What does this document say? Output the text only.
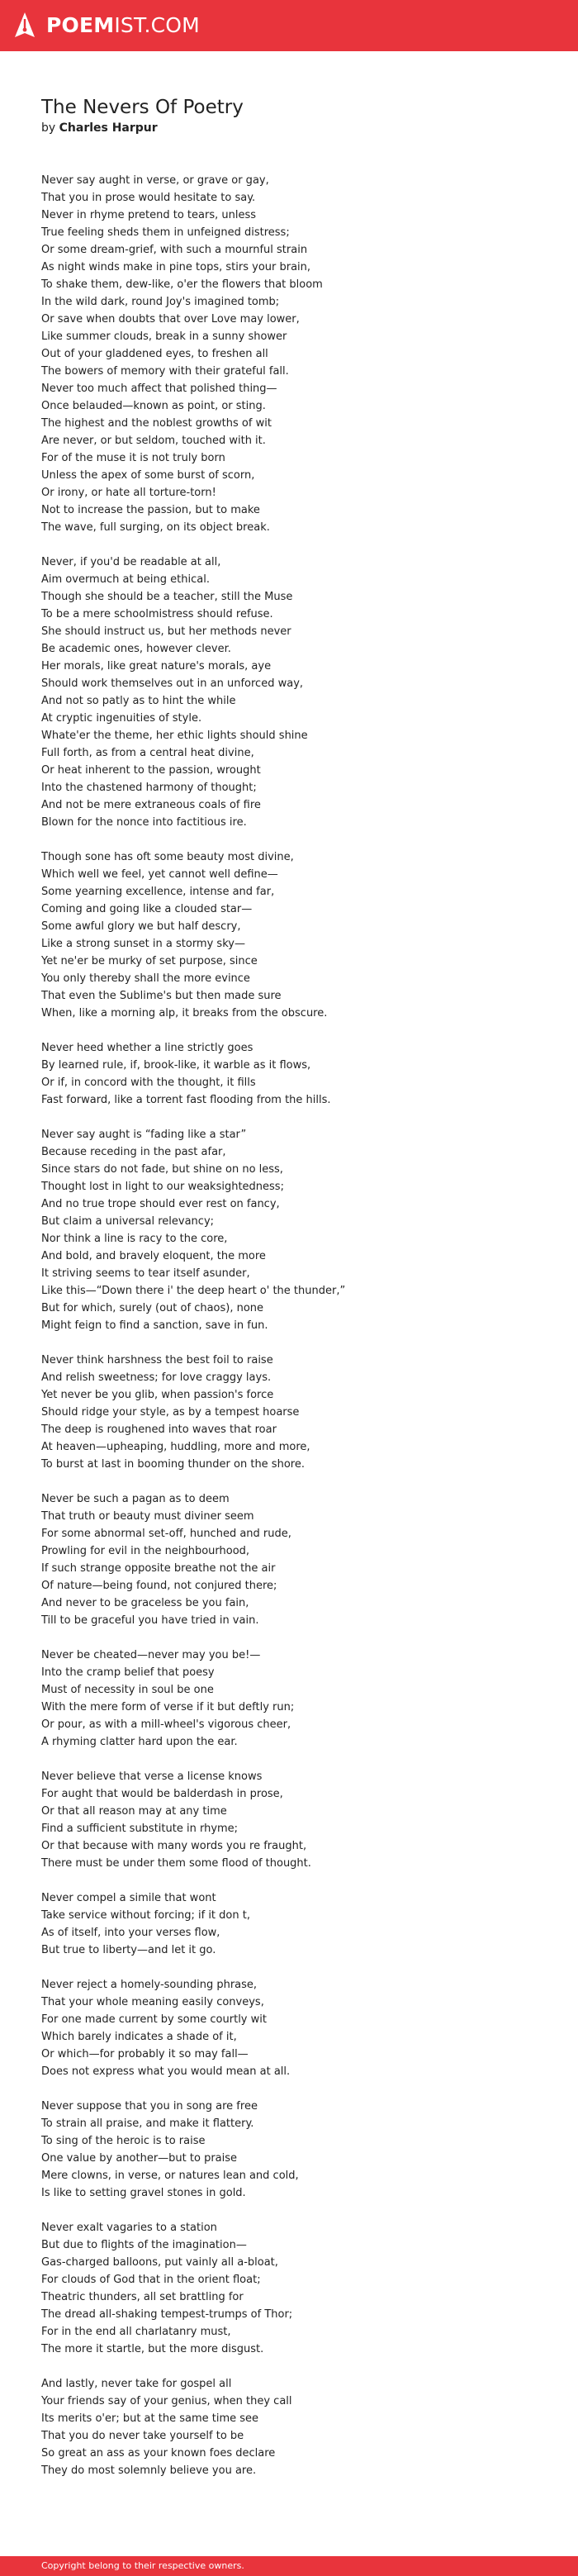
POEMIST.COM
The Nevers Of Poetry
by Charles Harpur
Never say aught in verse, or grave or gay,
That you in prose would hesitate to say.
Never in rhyme pretend to tears, unless
True feeling sheds them in unfeigned distress;
Or some dream-grief, with such a mournful strain
As night winds make in pine tops, stirs your brain,
To shake them, dew-like, o'er the flowers that bloom
In the wild dark, round Joy's imagined tomb;
Or save when doubts that over Love may lower,
Like summer clouds, break in a sunny shower
Out of your gladdened eyes, to freshen all
The bowers of memory with their grateful fall.
Never too much affect that polished thing—
Once belauded—known as point, or sting.
The highest and the noblest growths of wit
Are never, or but seldom, touched with it.
For of the muse it is not truly born
Unless the apex of some burst of scorn,
Or irony, or hate all torture-torn!
Not to increase the passion, but to make
The wave, full surging, on its object break.
Never, if you'd be readable at all,
Aim overmuch at being ethical.
Though she should be a teacher, still the Muse
To be a mere schoolmistress should refuse.
She should instruct us, but her methods never
Be academic ones, however clever.
Her morals, like great nature's morals, aye
Should work themselves out in an unforced way,
And not so patly as to hint the while
At cryptic ingenuities of style.
Whate'er the theme, her ethic lights should shine
Full forth, as from a central heat divine,
Or heat inherent to the passion, wrought
Into the chastened harmony of thought;
And not be mere extraneous coals of fire
Blown for the nonce into factitious ire.
Though sone has oft some beauty most divine,
Which well we feel, yet cannot well define—
Some yearning excellence, intense and far,
Coming and going like a clouded star—
Some awful glory we but half descry,
Like a strong sunset in a stormy sky—
Yet ne'er be murky of set purpose, since
You only thereby shall the more evince
That even the Sublime's but then made sure
When, like a morning alp, it breaks from the obscure.
Never heed whether a line strictly goes
By learned rule, if, brook-like, it warble as it flows,
Or if, in concord with the thought, it fills
Fast forward, like a torrent fast flooding from the hills.
Never say aught is “fading like a star”
Because receding in the past afar,
Since stars do not fade, but shine on no less,
Thought lost in light to our weaksightedness;
And no true trope should ever rest on fancy,
But claim a universal relevancy;
Nor think a line is racy to the core,
And bold, and bravely eloquent, the more
It striving seems to tear itself asunder,
Like this—“Down there i' the deep heart o' the thunder,”
But for which, surely (out of chaos), none
Might feign to find a sanction, save in fun.
Never think harshness the best foil to raise
And relish sweetness; for love craggy lays.
Yet never be you glib, when passion's force
Should ridge your style, as by a tempest hoarse
The deep is roughened into waves that roar
At heaven—upheaping, huddling, more and more,
To burst at last in booming thunder on the shore.
Never be such a pagan as to deem
That truth or beauty must diviner seem
For some abnormal set-off, hunched and rude,
Prowling for evil in the neighbourhood,
If such strange opposite breathe not the air
Of nature—being found, not conjured there;
And never to be graceless be you fain,
Till to be graceful you have tried in vain.
Never be cheated—never may you be!—
Into the cramp belief that poesy
Must of necessity in soul be one
With the mere form of verse if it but deftly run;
Or pour, as with a mill-wheel's vigorous cheer,
A rhyming clatter hard upon the ear.
Never believe that verse a license knows
For aught that would be balderdash in prose,
Or that all reason may at any time
Find a sufficient substitute in rhyme;
Or that because with many words you re fraught,
There must be under them some flood of thought.
Never compel a simile that wont
Take service without forcing; if it don t,
As of itself, into your verses flow,
But true to liberty—and let it go.
Never reject a homely-sounding phrase,
That your whole meaning easily conveys,
For one made current by some courtly wit
Which barely indicates a shade of it,
Or which—for probably it so may fall—
Does not express what you would mean at all.
Never suppose that you in song are free
To strain all praise, and make it flattery.
To sing of the heroic is to raise
One value by another—but to praise
Mere clowns, in verse, or natures lean and cold,
Is like to setting gravel stones in gold.
Never exalt vagaries to a station
But due to flights of the imagination—
Gas-charged balloons, put vainly all a-bloat,
For clouds of God that in the orient float;
Theatric thunders, all set brattling for
The dread all-shaking tempest-trumps of Thor;
For in the end all charlatanry must,
The more it startle, but the more disgust.
And lastly, never take for gospel all
Your friends say of your genius, when they call
Its merits o'er; but at the same time see
That you do never take yourself to be
So great an ass as your known foes declare
They do most solemnly believe you are.
Copyright belong to their respective owners.
